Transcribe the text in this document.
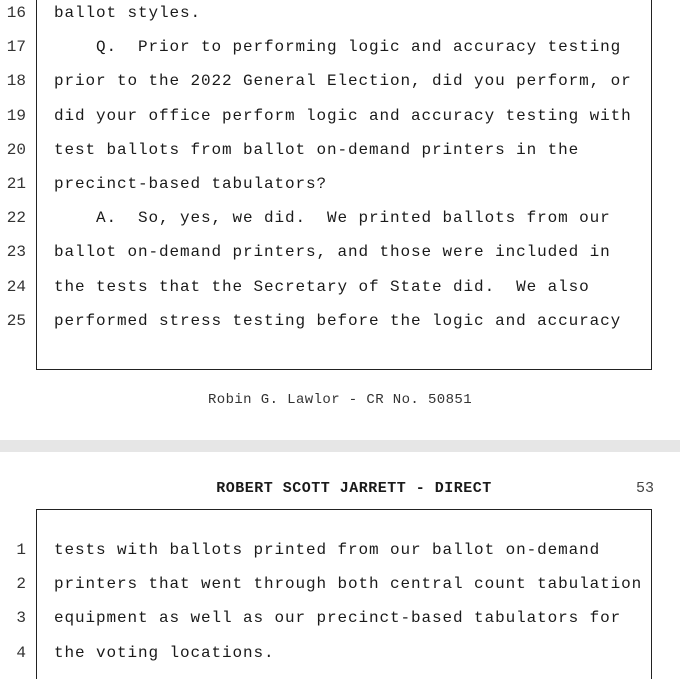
16 ballot styles.
17 Q.  Prior to performing logic and accuracy testing
18 prior to the 2022 General Election, did you perform, or
19 did your office perform logic and accuracy testing with
20 test ballots from ballot on-demand printers in the
21 precinct-based tabulators?
22 A.  So, yes, we did.  We printed ballots from our
23 ballot on-demand printers, and those were included in
24 the tests that the Secretary of State did.  We also
25 performed stress testing before the logic and accuracy
Robin G. Lawlor - CR No. 50851
ROBERT SCOTT JARRETT - DIRECT	53
1 tests with ballots printed from our ballot on-demand
2 printers that went through both central count tabulation
3 equipment as well as our precinct-based tabulators for
4 the voting locations.
